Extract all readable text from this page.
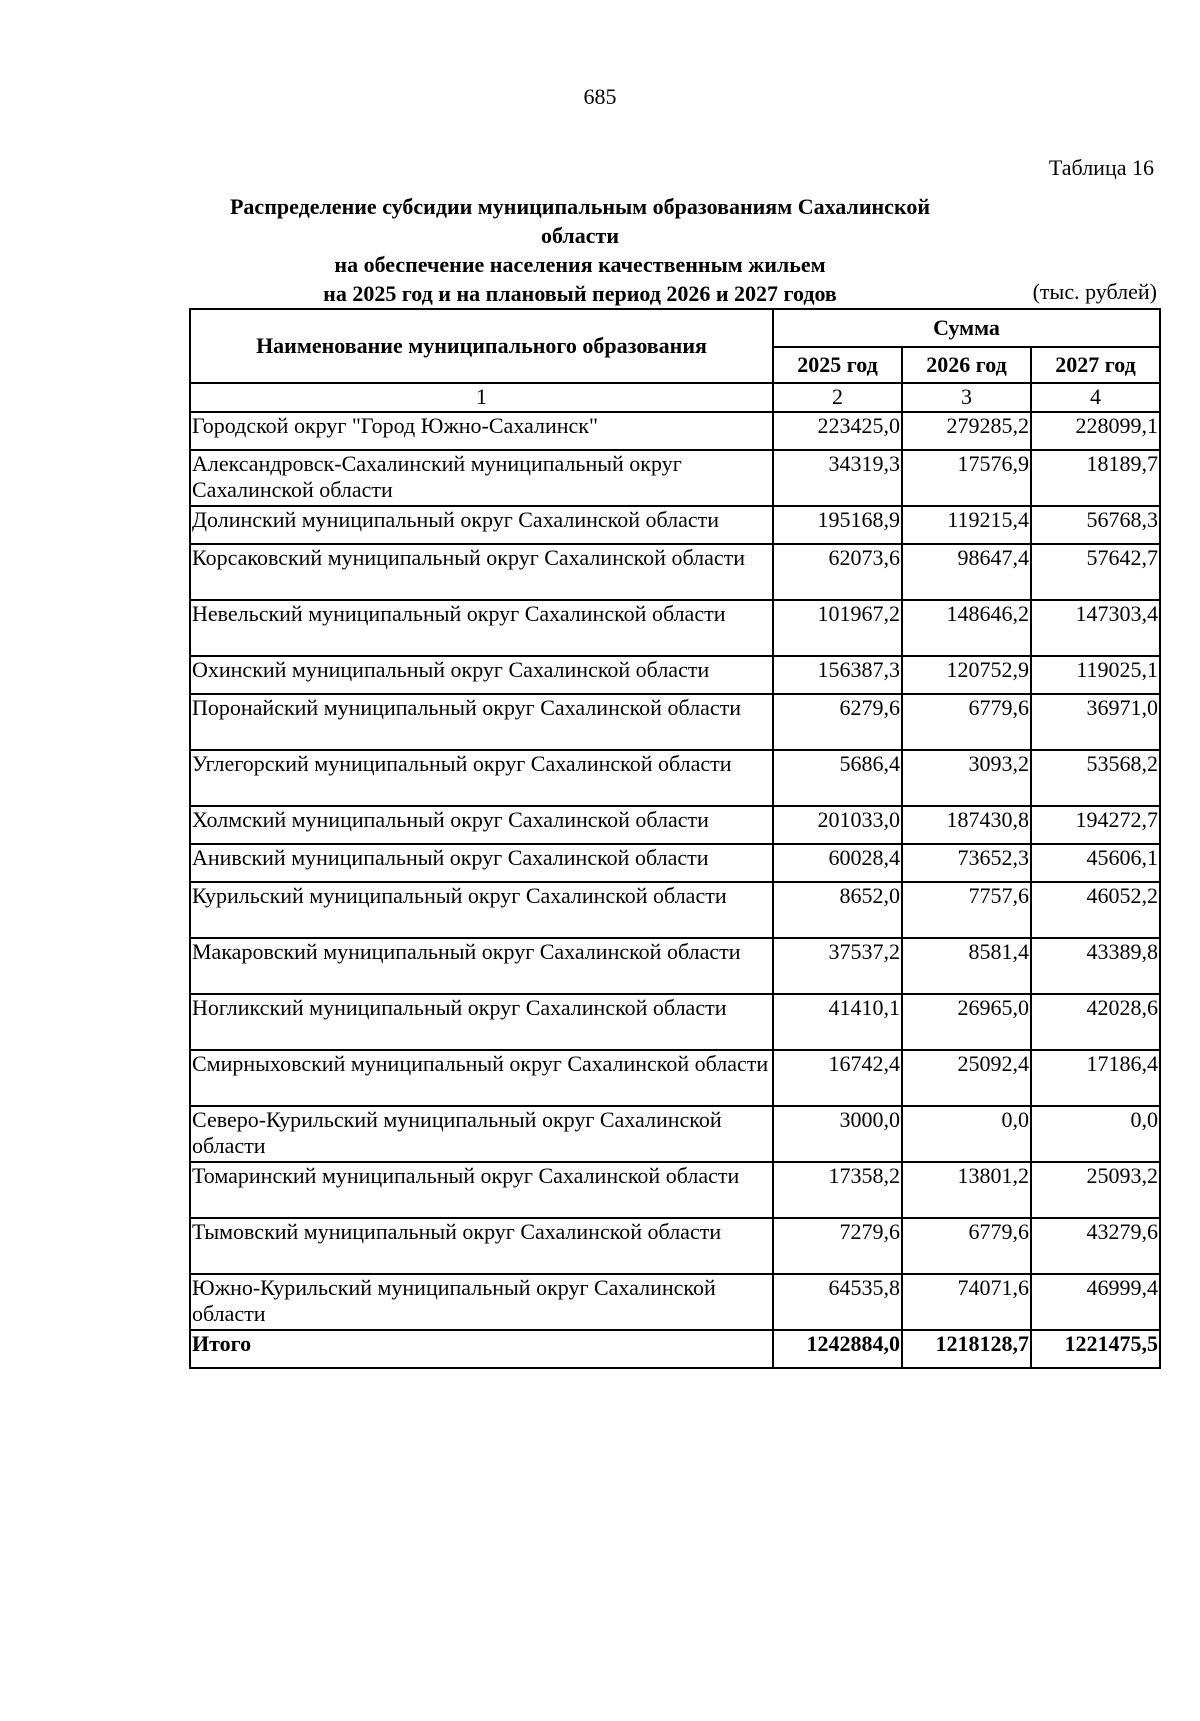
685
Таблица 16
Распределение субсидии муниципальным образованиям Сахалинской области
на обеспечение населения качественным жильем
на 2025 год и на плановый период 2026 и 2027 годов	(тыс. рублей)
Наименование муниципального образования	Сумма		
	2025 год	2026 год	2027 год
1	2	3	4
Городской округ "Город Южно-Сахалинск"	223425,0	279285,2	228099,1
Александровск-Сахалинский муниципальный округ Сахалинской области	34319,3	17576,9	18189,7
Долинский муниципальный округ Сахалинской области	195168,9	119215,4	56768,3
Корсаковский муниципальный округ Сахалинской области	62073,6	98647,4	57642,7
Невельский муниципальный округ Сахалинской области	101967,2	148646,2	147303,4
Охинский муниципальный округ Сахалинской области	156387,3	120752,9	119025,1
Поронайский муниципальный округ Сахалинской области	6279,6	6779,6	36971,0
Углегорский муниципальный округ Сахалинской области	5686,4	3093,2	53568,2
Холмский муниципальный округ Сахалинской области	201033,0	187430,8	194272,7
Анивский муниципальный округ Сахалинской области	60028,4	73652,3	45606,1
Курильский муниципальный округ Сахалинской области	8652,0	7757,6	46052,2
Макаровский муниципальный округ Сахалинской области	37537,2	8581,4	43389,8
Ногликский муниципальный округ Сахалинской области	41410,1	26965,0	42028,6
Смирныховский муниципальный округ Сахалинской области	16742,4	25092,4	17186,4
Северо-Курильский муниципальный округ Сахалинской области	3000,0	0,0	0,0
Томаринский муниципальный округ Сахалинской области	17358,2	13801,2	25093,2
Тымовский муниципальный округ Сахалинской области	7279,6	6779,6	43279,6
Южно-Курильский муниципальный округ Сахалинской области	64535,8	74071,6	46999,4
Итого	1242884,0	1218128,7	1221475,5
